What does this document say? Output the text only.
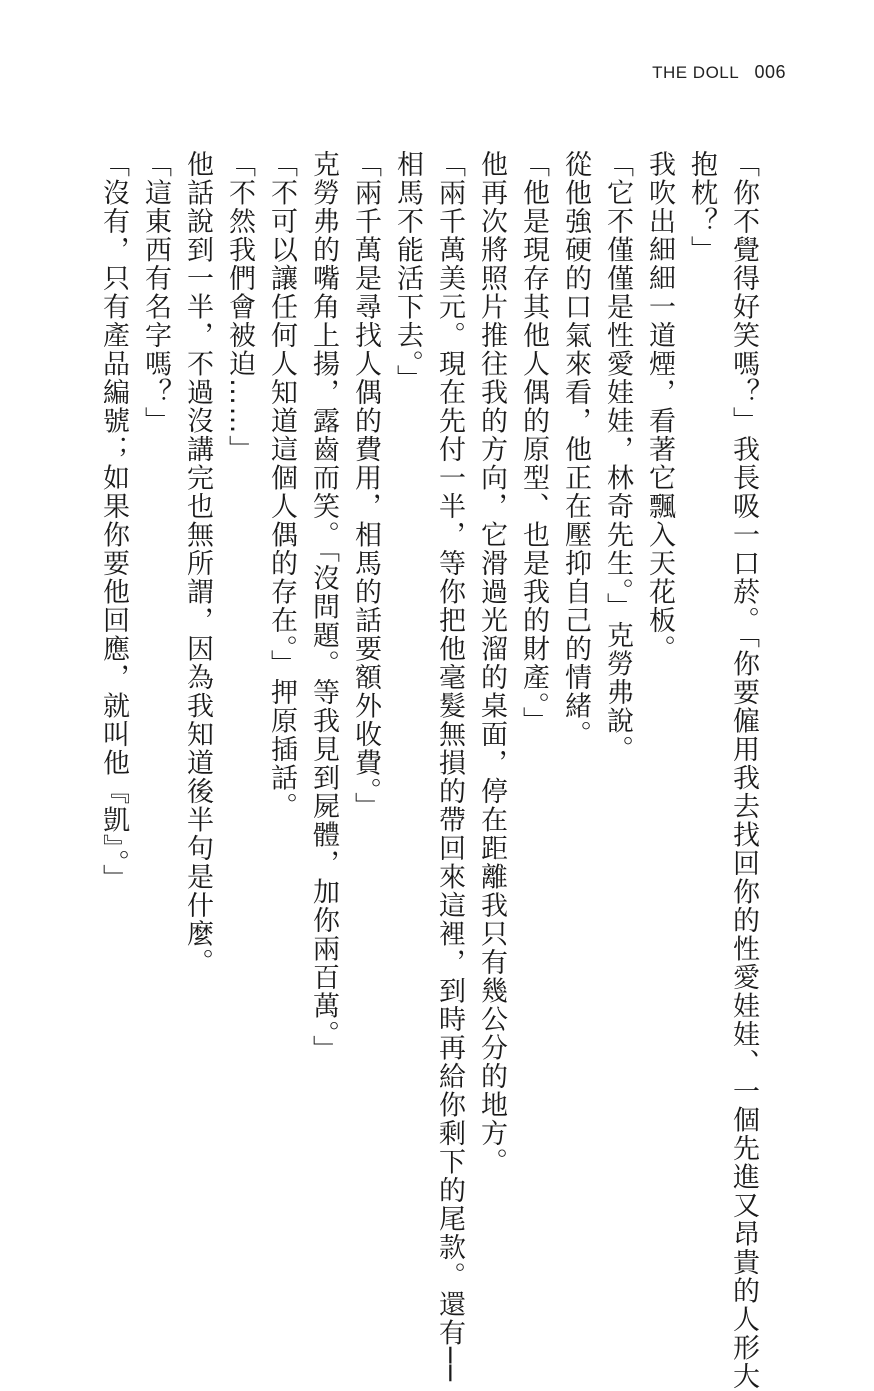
THE DOLL 006
「你不覺得好笑嗎？」我長吸一口菸。「你要僱用我去找回你的性愛娃娃、一個先進又昂貴的人形大
抱枕？」
我吹出細細一道煙，看著它飄入天花板。
「它不僅僅是性愛娃娃，林奇先生。」克勞弗說。
從他強硬的口氣來看，他正在壓抑自己的情緒。
「他是現存其他人偶的原型、也是我的財產。」
他再次將照片推往我的方向，它滑過光溜的桌面，停在距離我只有幾公分的地方。
「兩千萬美元。現在先付一半，等你把他毫髮無損的帶回來這裡，到時再給你剩下的尾款。還有──
相馬不能活下去。」
「兩千萬是尋找人偶的費用，相馬的話要額外收費。」
克勞弗的嘴角上揚，露齒而笑。「沒問題。等我見到屍體，加你兩百萬。」
「不可以讓任何人知道這個人偶的存在。」押原插話。
「不然我們會被迫……」
他話說到一半，不過沒講完也無所謂，因為我知道後半句是什麼。
「這東西有名字嗎？」
「沒有，只有產品編號；如果你要他回應，就叫他『凱』。」
